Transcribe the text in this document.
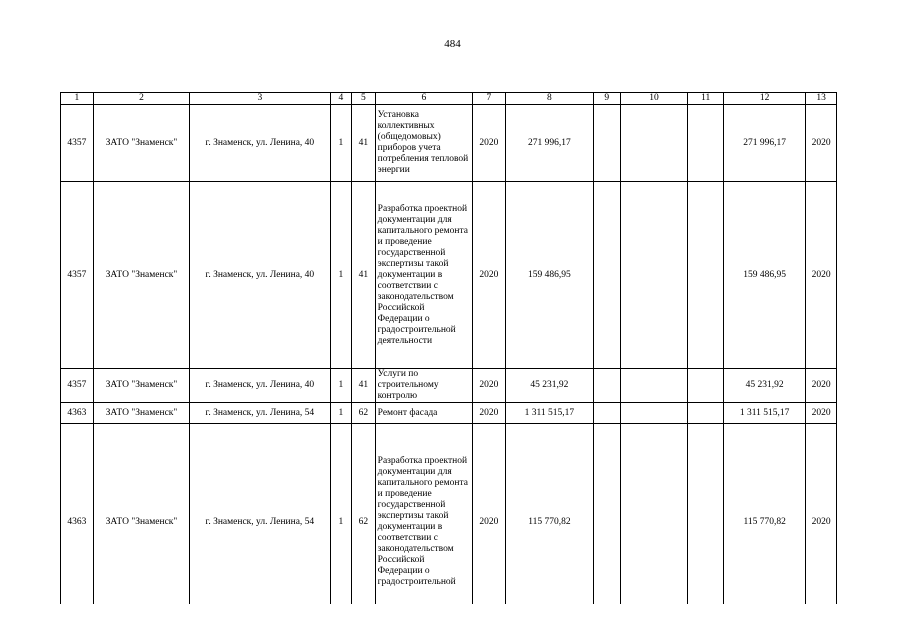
484
1	2	3	4	5	6	7	8	9	10	11	12	13
4357	ЗАТО "Знаменск"	г. Знаменск, ул. Ленина, 40	1	41	Установка коллективных (общедомовых) приборов учета потребления тепловой энергии	2020	271 996,17				271 996,17	2020
4357	ЗАТО "Знаменск"	г. Знаменск, ул. Ленина, 40	1	41	Разработка проектной документации для капитального ремонта и проведение государственной экспертизы такой документации в соответствии с законодательством Российской Федерации о градостроительной деятельности	2020	159 486,95				159 486,95	2020
4357	ЗАТО "Знаменск"	г. Знаменск, ул. Ленина, 40	1	41	Услуги по строительному контролю	2020	45 231,92				45 231,92	2020
4363	ЗАТО "Знаменск"	г. Знаменск, ул. Ленина, 54	1	62	Ремонт фасада	2020	1 311 515,17				1 311 515,17	2020
4363	ЗАТО "Знаменск"	г. Знаменск, ул. Ленина, 54	1	62	Разработка проектной документации для капитального ремонта и проведение государственной экспертизы такой документации в соответствии с законодательством Российской Федерации о градостроительной	2020	115 770,82				115 770,82	2020
